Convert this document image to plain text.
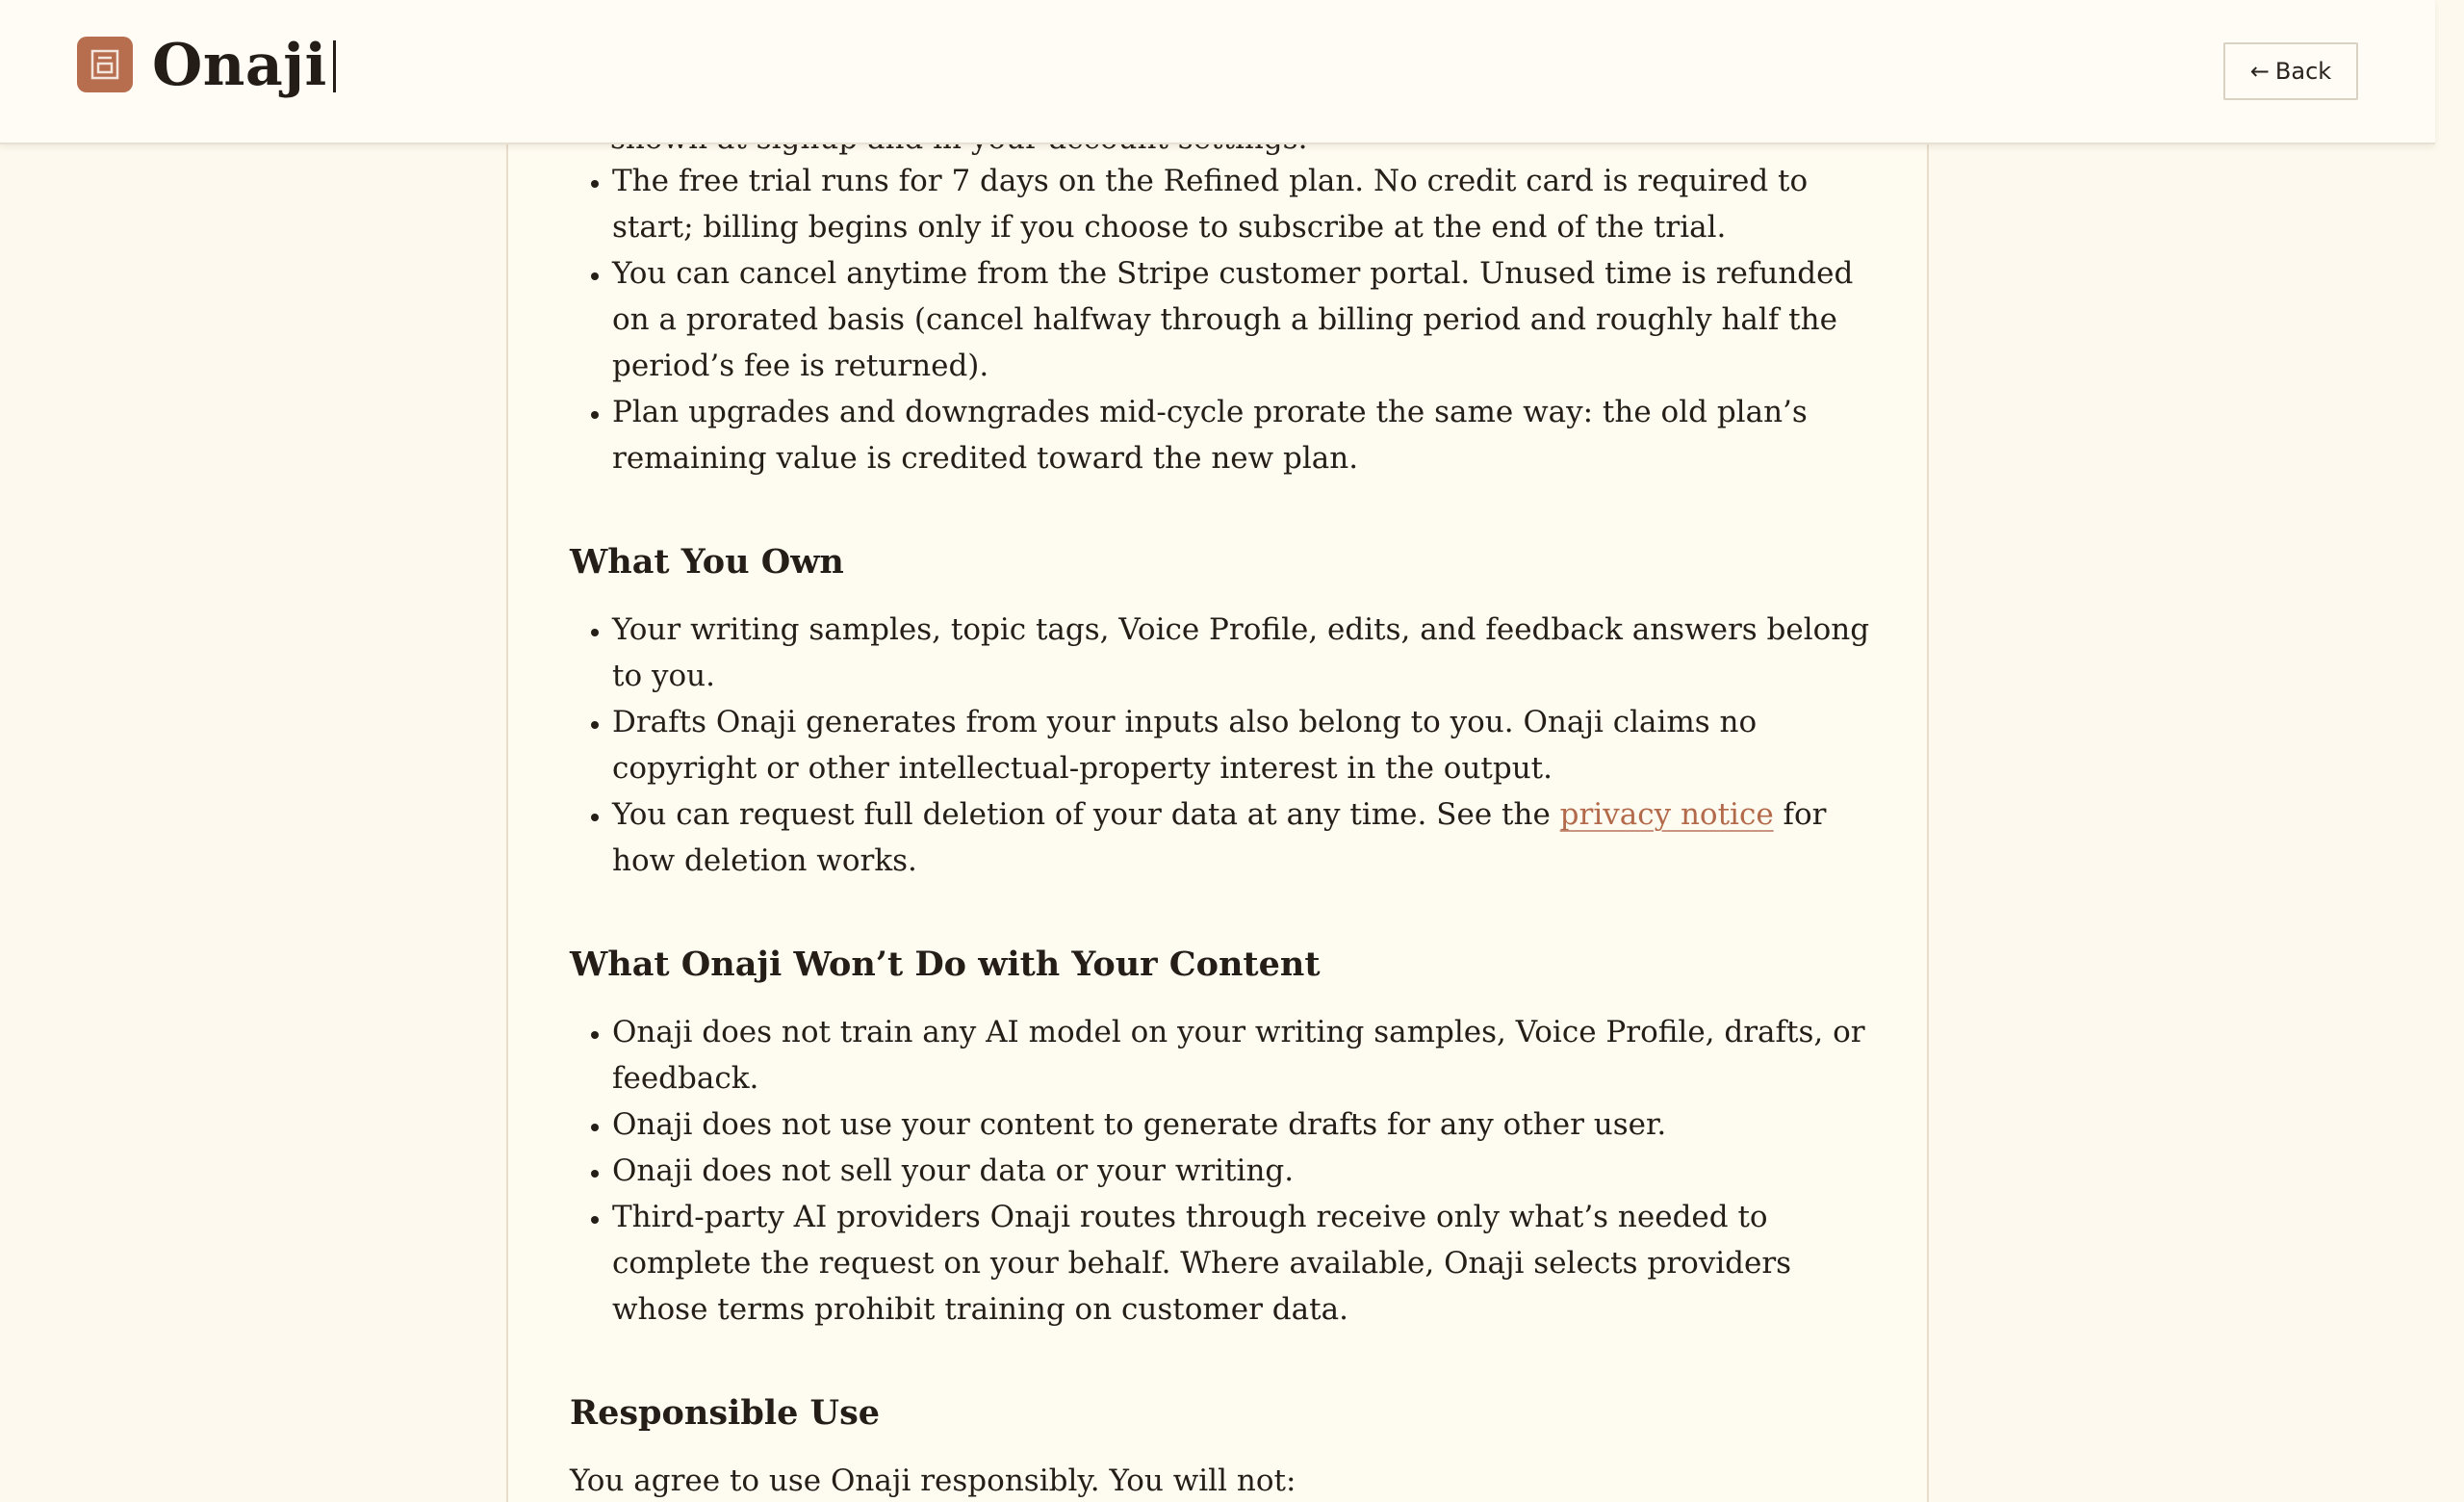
• The free trial runs for 7 days on the Refined plan. No credit card is required to start; billing begins only if you choose to subscribe at the end of the trial.
• You can cancel anytime from the Stripe customer portal. Unused time is refunded on a prorated basis (cancel halfway through a billing period and roughly half the period’s fee is returned).
• Plan upgrades and downgrades mid-cycle prorate the same way: the old plan’s remaining value is credited toward the new plan.
What You Own
• Your writing samples, topic tags, Voice Profile, edits, and feedback answers belong to you.
• Drafts Onaji generates from your inputs also belong to you. Onaji claims no copyright or other intellectual-property interest in the output.
• You can request full deletion of your data at any time. See the privacy notice for how deletion works.
What Onaji Won’t Do with Your Content
• Onaji does not train any AI model on your writing samples, Voice Profile, drafts, or feedback.
• Onaji does not use your content to generate drafts for any other user.
• Onaji does not sell your data or your writing.
• Third-party AI providers Onaji routes through receive only what’s needed to complete the request on your behalf. Where available, Onaji selects providers whose terms prohibit training on customer data.
Responsible Use

You agree to use Onaji responsibly. You will not:

Onaji	← Back
